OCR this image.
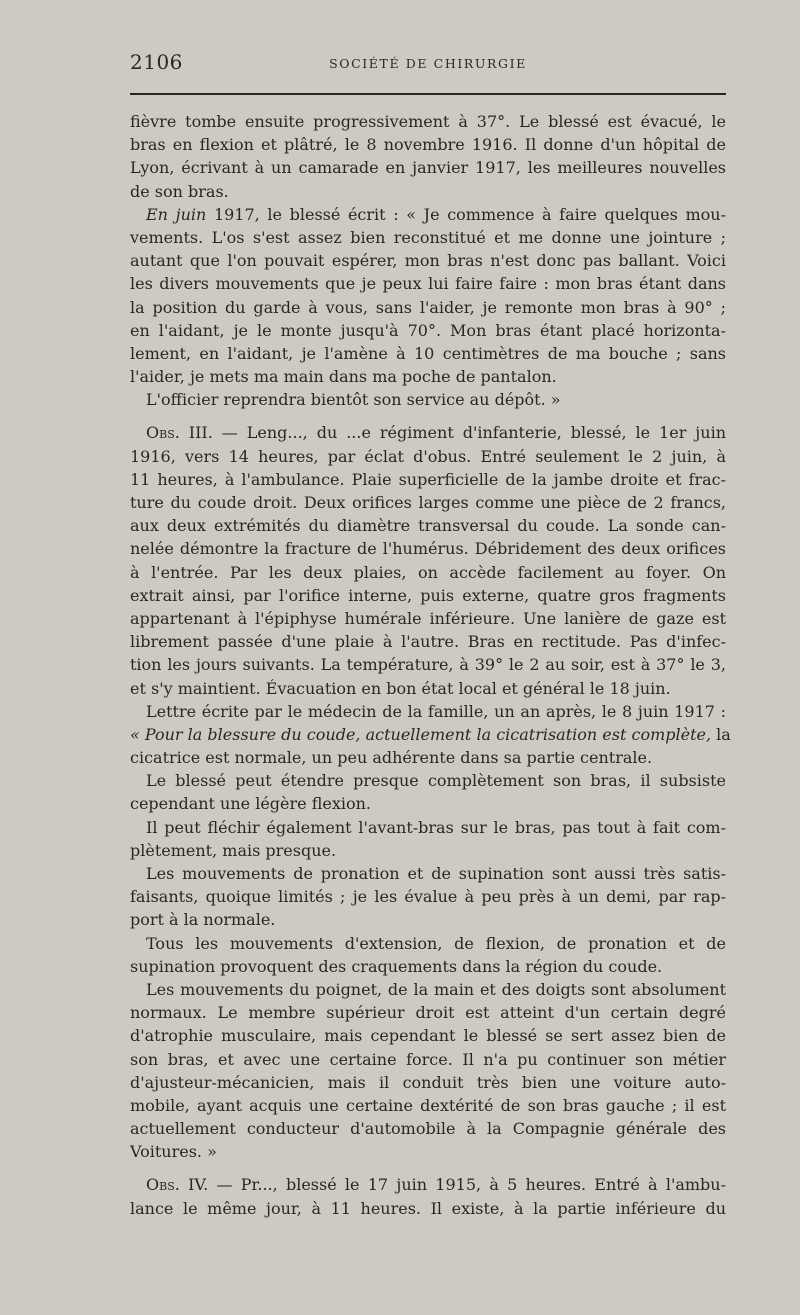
2106	SOCIÉTÉ DE CHIRURGIE
fièvre tombe ensuite progressivement à 37°. Le blessé est évacué, le
bras en flexion et plâtré, le 8 novembre 1916. Il donne d'un hôpital de
Lyon, écrivant à un camarade en janvier 1917, les meilleures nouvelles
de son bras.
En juin 1917, le blessé écrit : « Je commence à faire quelques mou-
vements. L'os s'est assez bien reconstitué et me donne une jointure ;
autant que l'on pouvait espérer, mon bras n'est donc pas ballant. Voici
les divers mouvements que je peux lui faire faire : mon bras étant dans
la position du garde à vous, sans l'aider, je remonte mon bras à 90° ;
en l'aidant, je le monte jusqu'à 70°. Mon bras étant placé horizonta-
lement, en l'aidant, je l'amène à 10 centimètres de ma bouche ; sans
l'aider, je mets ma main dans ma poche de pantalon.
L'officier reprendra bientôt son service au dépôt. »
Obs. III. — Leng..., du ...e régiment d'infanterie, blessé, le 1er juin
1916, vers 14 heures, par éclat d'obus. Entré seulement le 2 juin, à
11 heures, à l'ambulance. Plaie superficielle de la jambe droite et frac-
ture du coude droit. Deux orifices larges comme une pièce de 2 francs,
aux deux extrémités du diamètre transversal du coude. La sonde can-
nelée démontre la fracture de l'humérus. Débridement des deux orifices
à l'entrée. Par les deux plaies, on accède facilement au foyer. On
extrait ainsi, par l'orifice interne, puis externe, quatre gros fragments
appartenant à l'épiphyse humérale inférieure. Une lanière de gaze est
librement passée d'une plaie à l'autre. Bras en rectitude. Pas d'infec-
tion les jours suivants. La température, à 39° le 2 au soir, est à 37° le 3,
et s'y maintient. Évacuation en bon état local et général le 18 juin.
Lettre écrite par le médecin de la famille, un an après, le 8 juin 1917 :
« Pour la blessure du coude, actuellement la cicatrisation est complète, la
cicatrice est normale, un peu adhérente dans sa partie centrale.
Le blessé peut étendre presque complètement son bras, il subsiste
cependant une légère flexion.
Il peut fléchir également l'avant-bras sur le bras, pas tout à fait com-
plètement, mais presque.
Les mouvements de pronation et de supination sont aussi très satis-
faisants, quoique limités ; je les évalue à peu près à un demi, par rap-
port à la normale.
Tous les mouvements d'extension, de flexion, de pronation et de
supination provoquent des craquements dans la région du coude.
Les mouvements du poignet, de la main et des doigts sont absolument
normaux. Le membre supérieur droit est atteint d'un certain degré
d'atrophie musculaire, mais cependant le blessé se sert assez bien de
son bras, et avec une certaine force. Il n'a pu continuer son métier
d'ajusteur-mécanicien, mais il conduit très bien une voiture auto-
mobile, ayant acquis une certaine dextérité de son bras gauche ; il est
actuellement conducteur d'automobile à la Compagnie générale des
Voitures. »
Obs. IV. — Pr..., blessé le 17 juin 1915, à 5 heures. Entré à l'ambu-
lance le même jour, à 11 heures. Il existe, à la partie inférieure du
